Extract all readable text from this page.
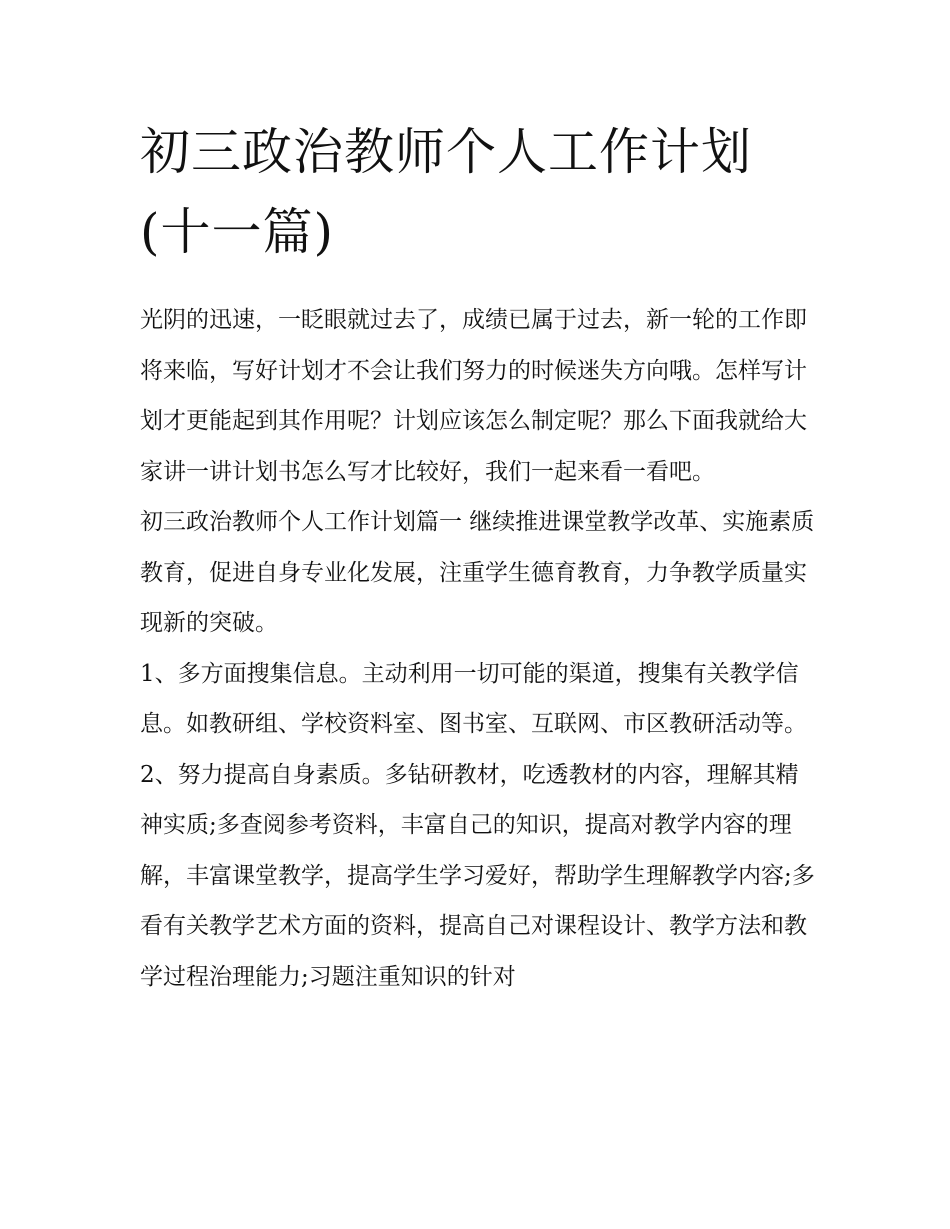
初三政治教师个人工作计划(十一篇)

光阴的迅速，一眨眼就过去了，成绩已属于过去，新一轮的工作即将来临，写好计划才不会让我们努力的时候迷失方向哦。怎样写计划才更能起到其作用呢？计划应该怎么制定呢？那么下面我就给大家讲一讲计划书怎么写才比较好，我们一起来看一看吧。

初三政治教师个人工作计划篇一 继续推进课堂教学改革、实施素质教育，促进自身专业化发展，注重学生德育教育，力争教学质量实现新的突破。

1、多方面搜集信息。主动利用一切可能的渠道，搜集有关教学信息。如教研组、学校资料室、图书室、互联网、市区教研活动等。

2、努力提高自身素质。多钻研教材，吃透教材的内容，理解其精神实质;多查阅参考资料，丰富自己的知识，提高对教学内容的理解，丰富课堂教学，提高学生学习爱好，帮助学生理解教学内容;多看有关教学艺术方面的资料，提高自己对课程设计、教学方法和教学过程治理能力;习题注重知识的针对
